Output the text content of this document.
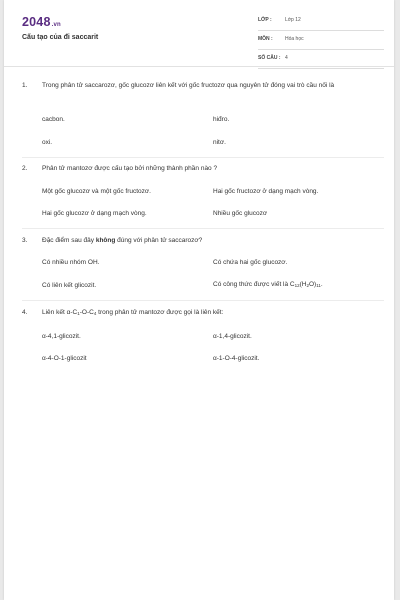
2048.vn
Cấu tạo của đi saccarit
LỚP :	Lớp 12
MÔN :	Hóa học
SỐ CÂU : 4
1. Trong phân tử saccarozơ, gốc glucozơ liên kết với gốc fructozơ qua nguyên tử đóng vai trò cầu nối là
cacbon.	hiđro.
oxi.	nitơ.
2. Phân tử mantozơ được cấu tạo bởi những thành phần nào ?
Một gốc glucozơ và một gốc fructozơ.	Hai gốc fructozơ ở dạng mạch vòng.
Hai gốc glucozơ ở dạng mạch vòng.	Nhiều gốc glucozơ
3. Đặc điểm sau đây không đúng với phân tử saccarozơ?
Có nhiều nhóm OH.	Có chứa hai gốc glucozơ.
Có liên kết glicozit.	Có công thức được viết là $C_{12}(H_2O)_{11}$.
4. Liên kết $\alpha-C_1-O-C_4$ trong phân tử mantozơ được gọi là liên kết:
α-4,1-glicozit.	α-1,4-glicozit.
α-4-O-1-glicozit	α-1-O-4-glicozit.
